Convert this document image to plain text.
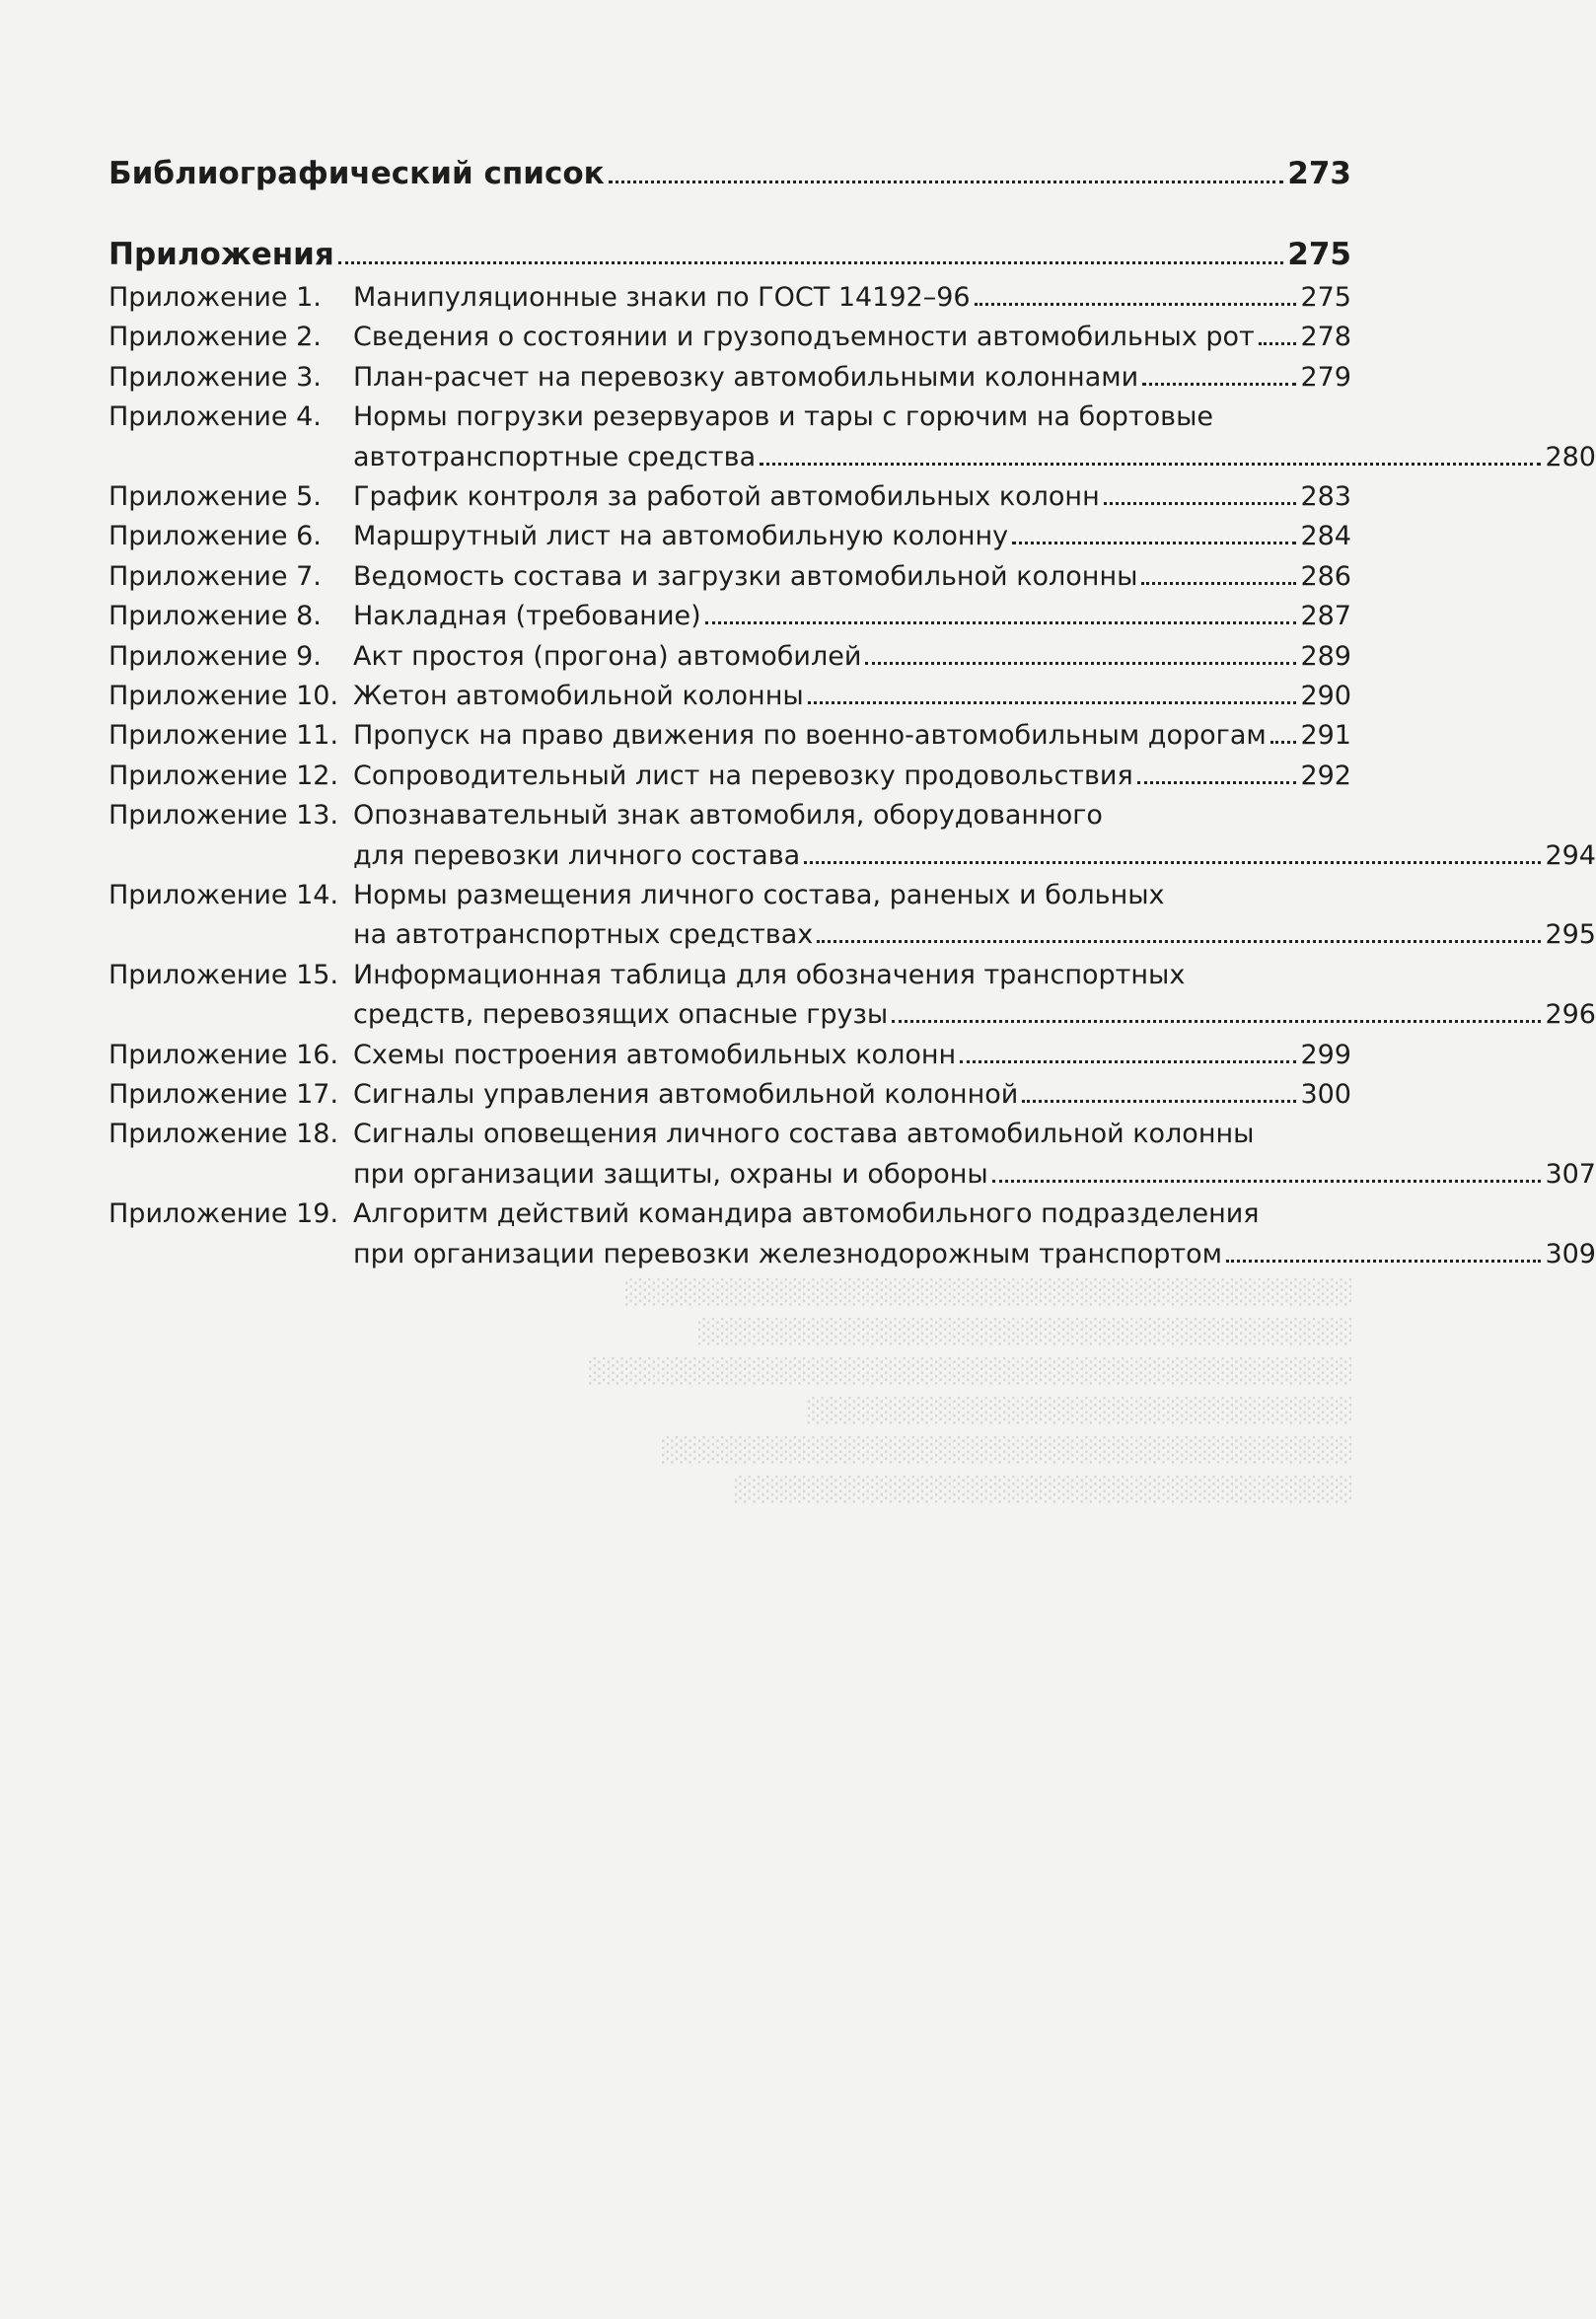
░░░░░░░░░░░░░░░░░░░░░░░░░░░░░░░░░░░░░░░░
░░░░░░░░░░░░░░░░░░░░░░░░░░░░░░░░░░░░
░░░░░░░░░░░░░░░░░░░░░░░░░░░░░░░░░░░░░░░░░░
░░░░░░░░░░░░░░░░░░░░░░░░░░░░░░
░░░░░░░░░░░░░░░░░░░░░░░░░░░░░░░░░░░░░░
░░░░░░░░░░░░░░░░░░░░░░░░░░░░░░░░░░
Библиографический список	273
Приложения	275
Приложение 1.	Манипуляционные знаки по ГОСТ 14192–96	275
Приложение 2.	Сведения о состоянии и грузоподъемности автомобильных рот 278
Приложение 3.	План-расчет на перевозку автомобильными колоннами	279
Приложение 4.	Нормы погрузки резервуаров и тары с горючим на бортовые
автотранспортные средства	280
Приложение 5.	График контроля за работой автомобильных колонн	283
Приложение 6.	Маршрутный лист на автомобильную колонну	284
Приложение 7.	Ведомость состава и загрузки автомобильной колонны	286
Приложение 8.	Накладная (требование)	287
Приложение 9.	Акт простоя (прогона) автомобилей	289
Приложение 10. Жетон автомобильной колонны	290
Приложение 11. Пропуск на право движения по военно-автомобильным дорогам 291
Приложение 12. Сопроводительный лист на перевозку продовольствия	292
Приложение 13. Опознавательный знак автомобиля, оборудованного
для перевозки личного состава	294
Приложение 14. Нормы размещения личного состава, раненых и больных
на автотранспортных средствах	295
Приложение 15. Информационная таблица для обозначения транспортных
средств, перевозящих опасные грузы	296
Приложение 16. Схемы построения автомобильных колонн	299
Приложение 17. Сигналы управления автомобильной колонной	300
Приложение 18. Сигналы оповещения личного состава автомобильной колонны
при организации защиты, охраны и обороны	307
Приложение 19. Алгоритм действий командира автомобильного подразделения
при организации перевозки железнодорожным транспортом	309
